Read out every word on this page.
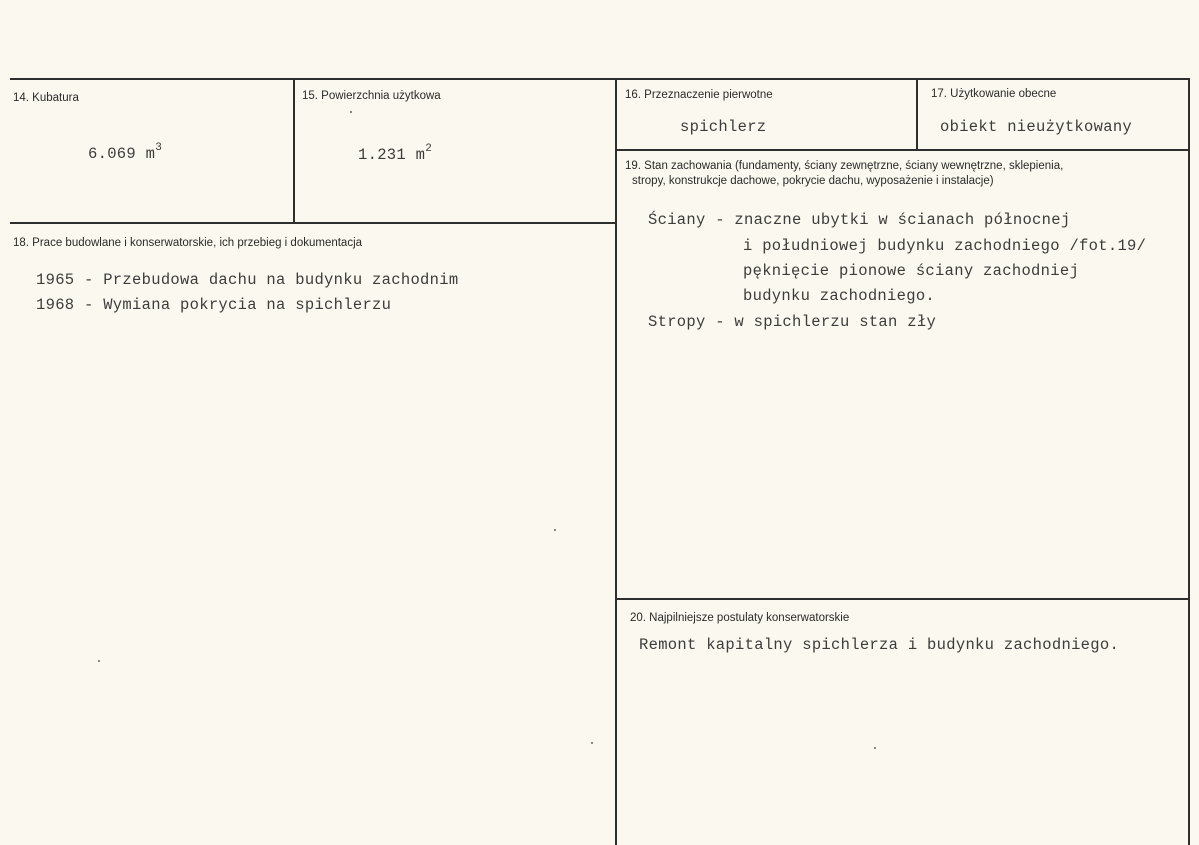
14. Kubatura
6.069 $m^3$
15. Powierzchnia użytkowa
1.231 $m^2$
16. Przeznaczenie pierwotne
spichlerz
17. Użytkowanie obecne
obiekt nieużytkowany
18. Prace budowlane i konserwatorskie, ich przebieg i dokumentacja
1965 - Przebudowa dachu na budynku zachodnim
1968 - Wymiana pokrycia na spichlerzu
19. Stan zachowania (fundamenty, ściany zewnętrzne, ściany wewnętrzne, sklepienia,
stropy, konstrukcje dachowe, pokrycie dachu, wyposażenie i instalacje)
Ściany - znaczne ubytki w ścianach północnej
i południowej budynku zachodniego /fot.19/
pęknięcie pionowe ściany zachodniej
budynku zachodniego.
Stropy - w spichlerzu stan zły
20. Najpilniejsze postulaty konserwatorskie
Remont kapitalny spichlerza i budynku zachodniego.
